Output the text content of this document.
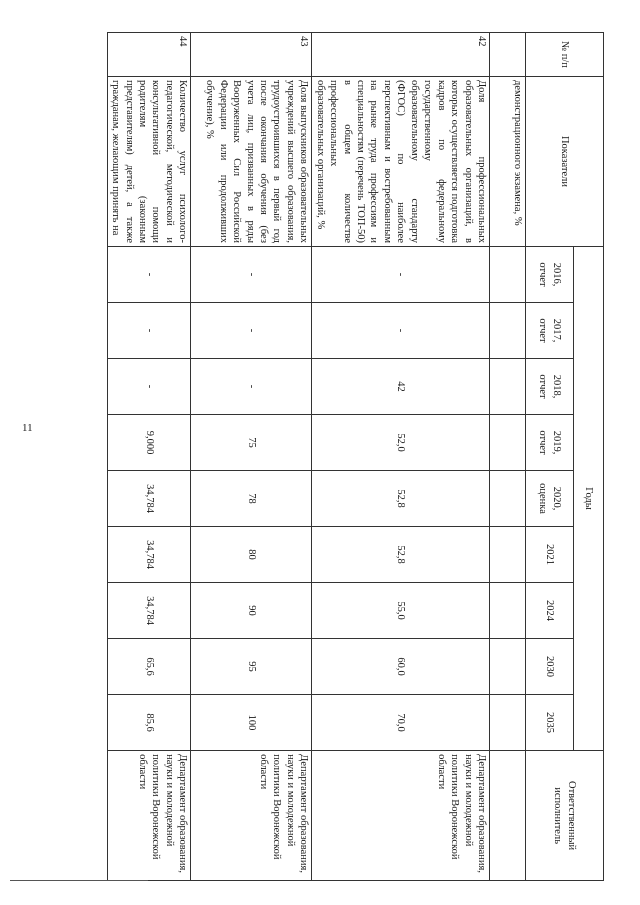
11
№ п/п	Показатели	Годы									Ответственный исполнитель
		2016, отчет	2017, отчет	2018, отчет	2019, отчет	2020, оценка	2021	2024	2030	2035	
	демонстрационного экзамена, %										
42	Доля профессиональных образовательных организаций, в которых осуществляется подготовка кадров по федеральному государственному образовательному стандарту (ФГОС) по наиболее перспективным и востребованным на рынке труда профессиям и специальностям (перечень ТОП-50) в общем количестве профессиональных образовательных организаций, %	-	-	42	52,0	52,8	52,8	55,0	60,0	70,0	Департамент образования, науки и молодежной политики Воронежской области
43	Доля выпускников образовательных учреждений высшего образования, трудоустроившихся в первый год после окончания обучения (без учета лиц, призванных в ряды Вооруженных Сил Российской Федерации или продолживших обучение), %	-	-	-	75	78	80	90	95	100	Департамент образования, науки и молодежной политики Воронежской области
44	Количество услуг психолого-педагогической, методической и консультативной помощи родителям (законным представителям) детей, а также гражданам, желающим принять на	-	-	-	9,000	34,784	34,784	34,784	65,6	85,6	Департамент образования, науки и молодежной политики Воронежской области
